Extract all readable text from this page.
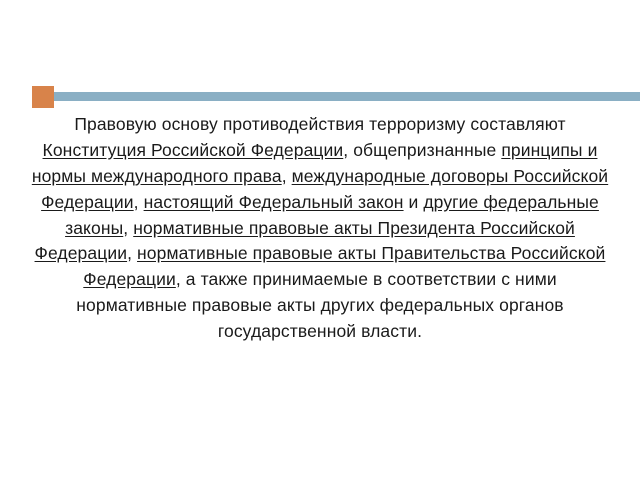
Правовую основу противодействия терроризму составляют Конституция Российской Федерации, общепризнанные принципы и нормы международного права, международные договоры Российской Федерации, настоящий Федеральный закон и другие федеральные законы, нормативные правовые акты Президента Российской Федерации, нормативные правовые акты Правительства Российской Федерации, а также принимаемые в соответствии с ними нормативные правовые акты других федеральных органов государственной власти.
